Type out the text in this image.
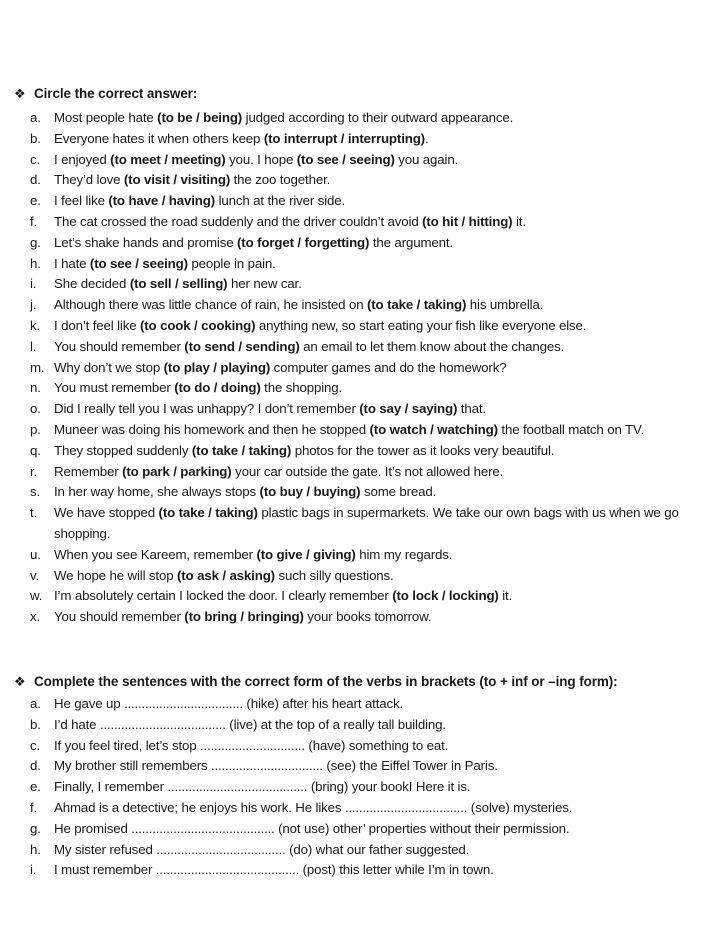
❖ Circle the correct answer:
a. Most people hate (to be / being) judged according to their outward appearance.
b. Everyone hates it when others keep (to interrupt / interrupting).
c.	I enjoyed (to meet / meeting) you. I hope (to see / seeing) you again.
d. They’d love (to visit / visiting) the zoo together.
e. I feel like (to have / having) lunch at the river side.
f.	The cat crossed the road suddenly and the driver couldn’t avoid (to hit / hitting) it.
g. Let’s shake hands and promise (to forget / forgetting) the argument.
h. I hate (to see / seeing) people in pain.
i.	She decided (to sell / selling) her new car.
j.	Although there was little chance of rain, he insisted on (to take / taking) his umbrella.
k.	I don’t feel like (to cook / cooking) anything new, so start eating your fish like everyone else.
l.	You should remember (to send / sending) an email to let them know about the changes.
m. Why don’t we stop (to play / playing) computer games and do the homework?
n. You must remember (to do / doing) the shopping.
o. Did I really tell you I was unhappy? I don’t remember (to say / saying) that.
p. Muneer was doing his homework and then he stopped (to watch / watching) the football match on TV.
q. They stopped suddenly (to take / taking) photos for the tower as it looks very beautiful.
r.	Remember (to park / parking) your car outside the gate. It’s not allowed here.
s.	In her way home, she always stops (to buy / buying) some bread.
t.	We have stopped (to take / taking) plastic bags in supermarkets. We take our own bags with us when we go shopping.
u. When you see Kareem, remember (to give / giving) him my regards.
v.	We hope he will stop (to ask / asking) such silly questions.
w. I’m absolutely certain I locked the door. I clearly remember (to lock / locking) it.
x.	You should remember (to bring / bringing) your books tomorrow.
❖ Complete the sentences with the correct form of the verbs in brackets (to + inf or –ing form):
a. He gave up .................................. (hike) after his heart attack.
b. I’d hate .................................... (live) at the top of a really tall building.
c.	If you feel tired, let’s stop .............................. (have) something to eat.
d. My brother still remembers ................................ (see) the Eiffel Tower in Paris.
e. Finally, I remember ........................................ (bring) your bookI Here it is.
f.	Ahmad is a detective; he enjoys his work. He likes ................................... (solve) mysteries.
g. He promised ......................................... (not use) other’ properties without their permission.
h. My sister refused ..................................... (do) what our father suggested.
i.	I must remember ......................................... (post) this letter while I’m in town.
